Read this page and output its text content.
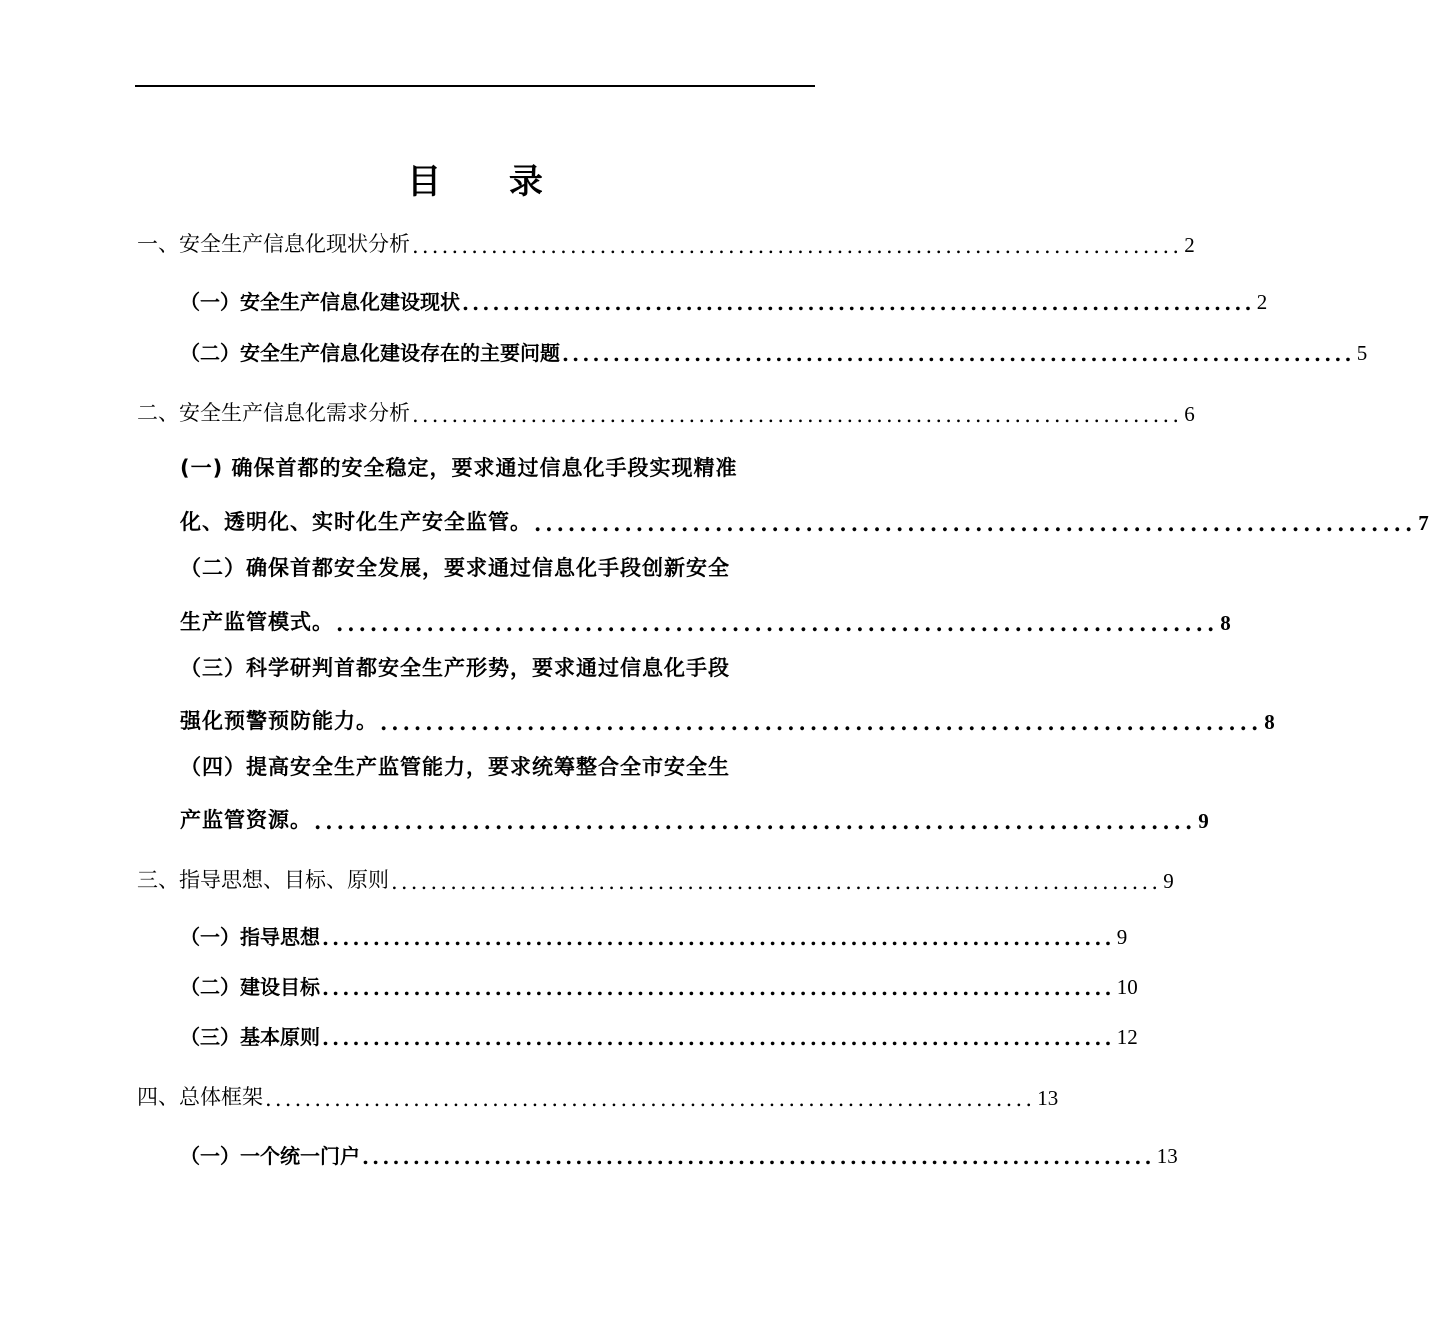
目 录
一、安全生产信息化现状分析 .............................................................................. 2
（一）安全生产信息化建设现状 .............................................................................. 2
（二）安全生产信息化建设存在的主要问题 .............................................................................. 5
二、安全生产信息化需求分析 .............................................................................. 6
(一) 确保首都的安全稳定，要求通过信息化手段实现精准
化、透明化、实时化生产安全监管。 .............................................................................. 7
（二）确保首都安全发展，要求通过信息化手段创新安全
生产监管模式。 .............................................................................. 8
（三）科学研判首都安全生产形势，要求通过信息化手段
强化预警预防能力。 .............................................................................. 8
（四）提高安全生产监管能力，要求统筹整合全市安全生
产监管资源。 .............................................................................. 9
三、指导思想、目标、原则 .............................................................................. 9
（一）指导思想 .............................................................................. 9
（二）建设目标 .............................................................................. 10
（三）基本原则 .............................................................................. 12
四、总体框架 .............................................................................. 13
（一）一个统一门户 .............................................................................. 13
